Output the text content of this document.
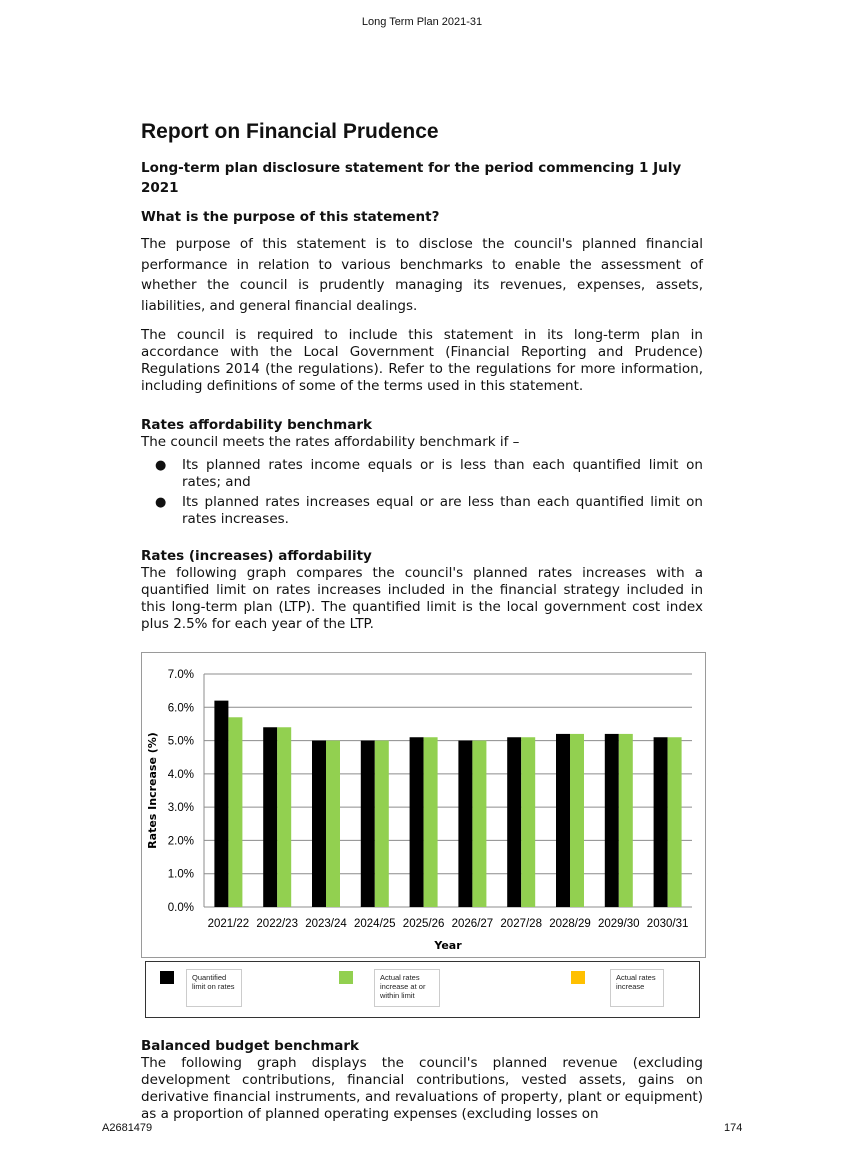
Long Term Plan 2021-31
Report on Financial Prudence
Long-term plan disclosure statement for the period commencing 1 July 2021
What is the purpose of this statement?

The purpose of this statement is to disclose the council's planned financial performance in relation to various benchmarks to enable the assessment of whether the council is prudently managing its revenues, expenses, assets, liabilities, and general financial dealings.

The council is required to include this statement in its long-term plan in accordance with the Local Government (Financial Reporting and Prudence) Regulations 2014 (the regulations). Refer to the regulations for more information, including definitions of some of the terms used in this statement.

Rates affordability benchmark

The council meets the rates affordability benchmark if –

● Its planned rates income equals or is less than each quantified limit on rates; and
● Its planned rates increases equal or are less than each quantified limit on rates increases.
Rates (increases) affordability

The following graph compares the council's planned rates increases with a quantified limit on rates increases included in the financial strategy included in this long-term plan (LTP). The quantified limit is the local government cost index plus 2.5% for each year of the LTP.

0.0%
1.0%
2.0%
3.0%
4.0%
5.0%
6.0%
7.0%
2021/22 2022/23 2023/24 2024/25 2025/26 2026/27 2027/28 2028/29 2029/30 2030/31
Year
Rates Increase (%)
Quantified limit on rates
Actual rates increase at or within limit
Actual rates increase
Balanced budget benchmark

The following graph displays the council's planned revenue (excluding development contributions, financial contributions, vested assets, gains on derivative financial instruments, and revaluations of property, plant or equipment) as a proportion of planned operating expenses (excluding losses on

A2681479	174
